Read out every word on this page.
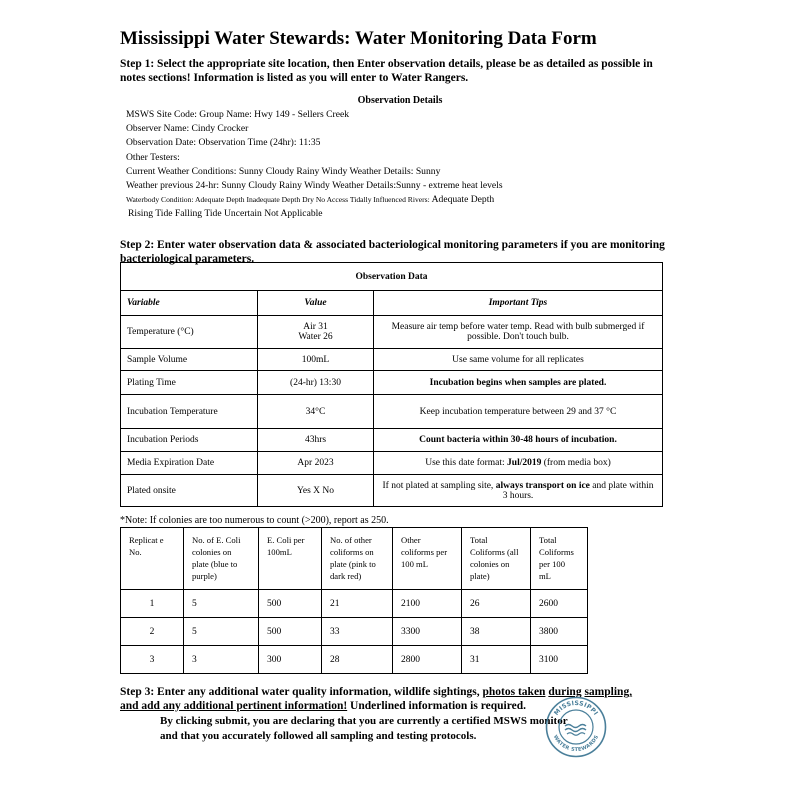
Mississippi Water Stewards: Water Monitoring Data Form
Step 1: Select the appropriate site location, then Enter observation details, please be as detailed as possible in notes sections! Information is listed as you will enter to Water Rangers.
Observation Details
MSWS Site Code: Group Name: Hwy 149 - Sellers Creek
Observer Name: Cindy Crocker
Observation Date: Observation Time (24hr): 11:35
Other Testers:
Current Weather Conditions: Sunny Cloudy Rainy Windy Weather Details: Sunny
Weather previous 24-hr: Sunny Cloudy Rainy Windy Weather Details:Sunny - extreme heat levels
Waterbody Condition: Adequate Depth Inadequate Depth Dry No Access Tidally Influenced Rivers: Adequate Depth
Rising Tide Falling Tide Uncertain Not Applicable
Step 2: Enter water observation data & associated bacteriological monitoring parameters if you are monitoring bacteriological parameters.
Observation Data		
Variable	Value	Important Tips
Temperature (°C)	Air 31
Water 26	Measure air temp before water temp. Read with bulb submerged if possible. Don't touch bulb.
Sample Volume	100mL	Use same volume for all replicates
Plating Time	(24-hr) 13:30	Incubation begins when samples are plated.
Incubation Temperature	34°C	Keep incubation temperature between 29 and 37 °C
Incubation Periods	43hrs	Count bacteria within 30-48 hours of incubation.
Media Expiration Date	Apr 2023	Use this date format: Jul/2019 (from media box)
Plated onsite	Yes X No	If not plated at sampling site, always transport on ice and plate within 3 hours.
*Note: If colonies are too numerous to count (>200), report as 250.
Replicat e No.	No. of E. Coli colonies on plate (blue to purple)	E. Coli per 100mL	No. of other coliforms on plate (pink to dark red)	Other coliforms per 100 mL	Total Coliforms (all colonies on plate)	Total Coliforms per 100 mL
1	5	500	21	2100	26	2600
2	5	500	33	3300	38	3800
3	3	300	28	2800	31	3100
Step 3: Enter any additional water quality information, wildlife sightings, photos taken during sampling, and add any additional pertinent information! Underlined information is required.
By clicking submit, you are declaring that you are currently a certified MSWS monitor and that you accurately followed all sampling and testing protocols.
MISSISSIPPI
WATER STEWARDS
